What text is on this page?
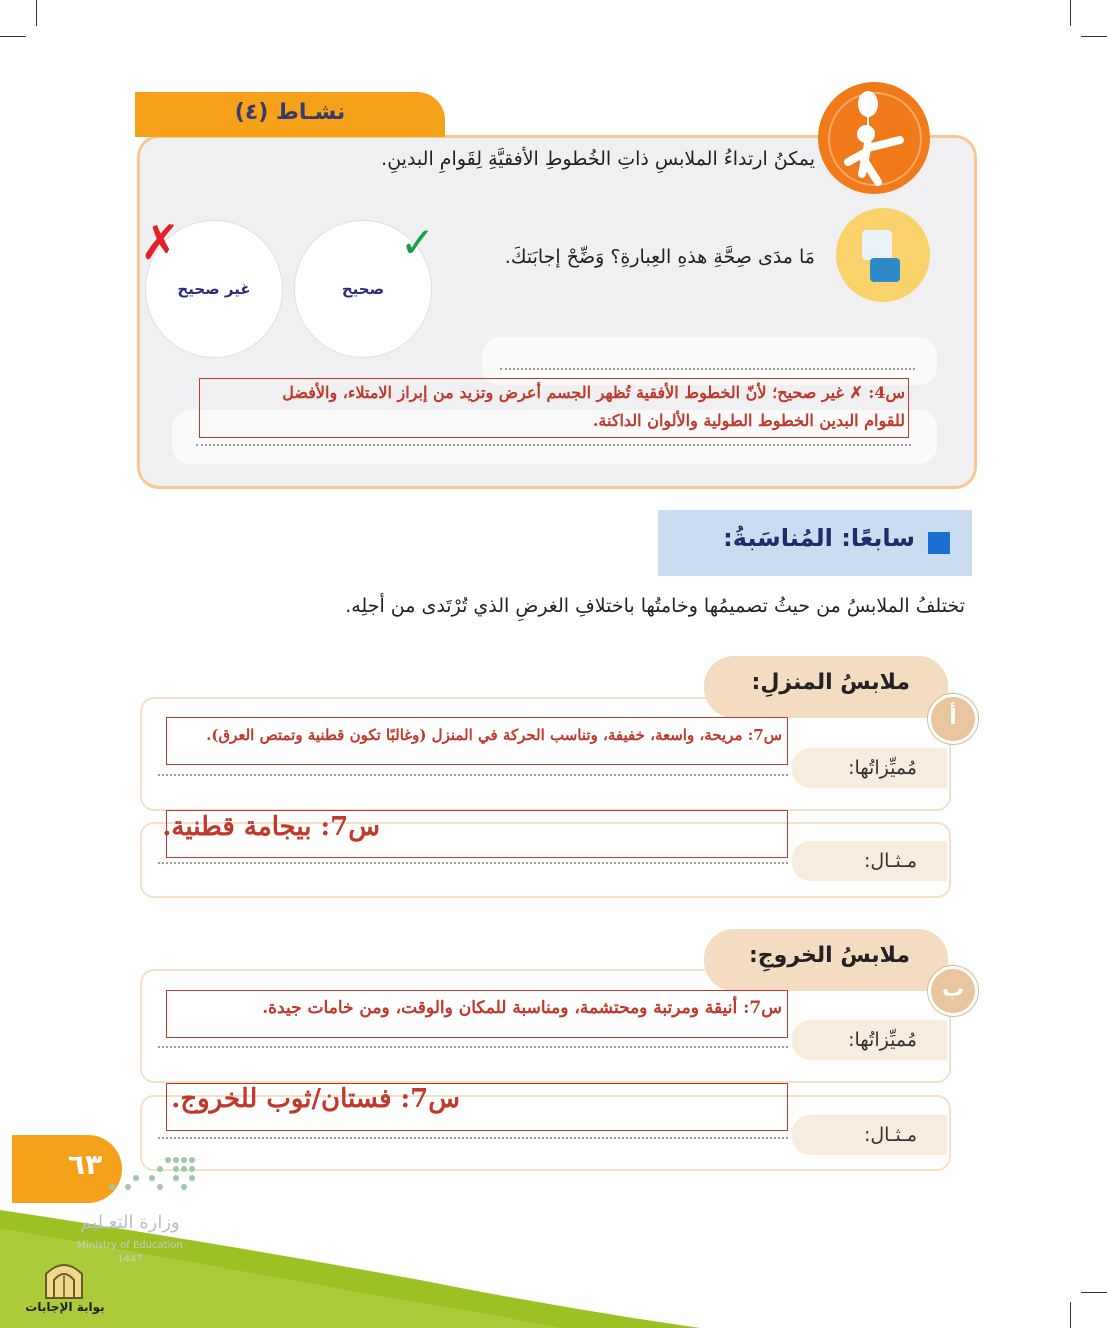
نشـاط (٤)
يمكنُ ارتداءُ الملابسِ ذاتِ الخُطوطِ الأفقيَّةِ لِقَوامِ البدينِ.
مَا مدَى صِحَّةِ هذهِ العِبارةِ؟ وَضِّحْ إجابَتكَ.
صحيح
غير صحيح
✓
✗
س4: ✗ غير صحيح؛ لأنّ الخطوط الأفقية تُظهر الجسم أعرض وتزيد من إبراز الامتلاء، والأفضل
للقوام البدين الخطوط الطولية والألوان الداكنة.
سابعًا: المُناسَبةُ:
تختلفُ الملابسُ من حيثُ تصميمُها وخامتُها باختلافِ الغرضِ الذي تُرْتَدى من أجلِه.
ملابسُ المنزلِ:
أ
مُميِّزاتُها:
س7: مريحة، واسعة، خفيفة، وتناسب الحركة في المنزل (وغالبًا تكون قطنية وتمتص العرق).
مـثـال:
س7: بيجامة قطنية.
ملابسُ الخروجِ:
ب
مُميِّزاتُها:
س7: أنيقة ومرتبة ومحتشمة، ومناسبة للمكان والوقت، ومن خامات جيدة.
مـثـال:
س7: فستان/ثوب للخروج.
٦٣
وزارة التعـليم
Ministry of Education
1447
بوابة الإجابات
